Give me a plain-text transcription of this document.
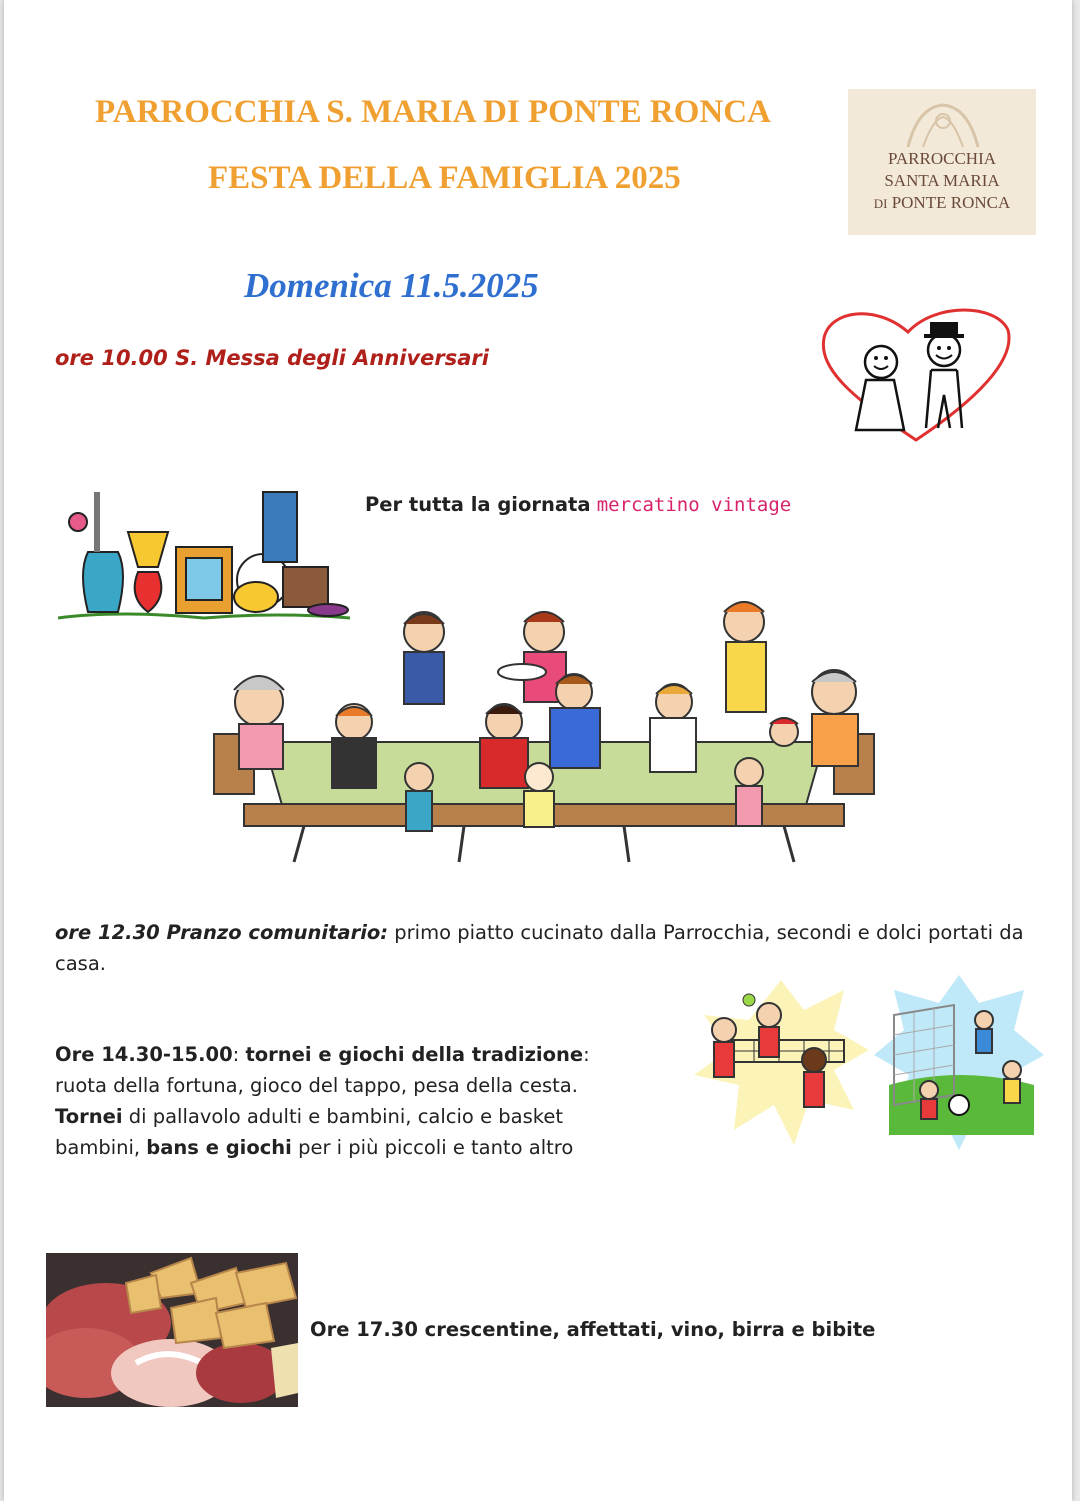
PARROCCHIA S. MARIA DI PONTE RONCA
FESTA DELLA FAMIGLIA 2025
PARROCCHIA
SANTA MARIA
DI PONTE RONCA
Domenica 11.5.2025
ore 10.00 S. Messa degli Anniversari
Per tutta la giornata mercatino vintage
ore 12.30 Pranzo comunitario: primo piatto cucinato dalla Parrocchia, secondi e dolci portati da casa.
Ore 14.30-15.00: tornei e giochi della tradizione: ruota della fortuna, gioco del tappo, pesa della cesta. Tornei di pallavolo adulti e bambini, calcio e basket bambini, bans e giochi per i più piccoli e tanto altro
Ore 17.30 crescentine, affettati, vino, birra e bibite
